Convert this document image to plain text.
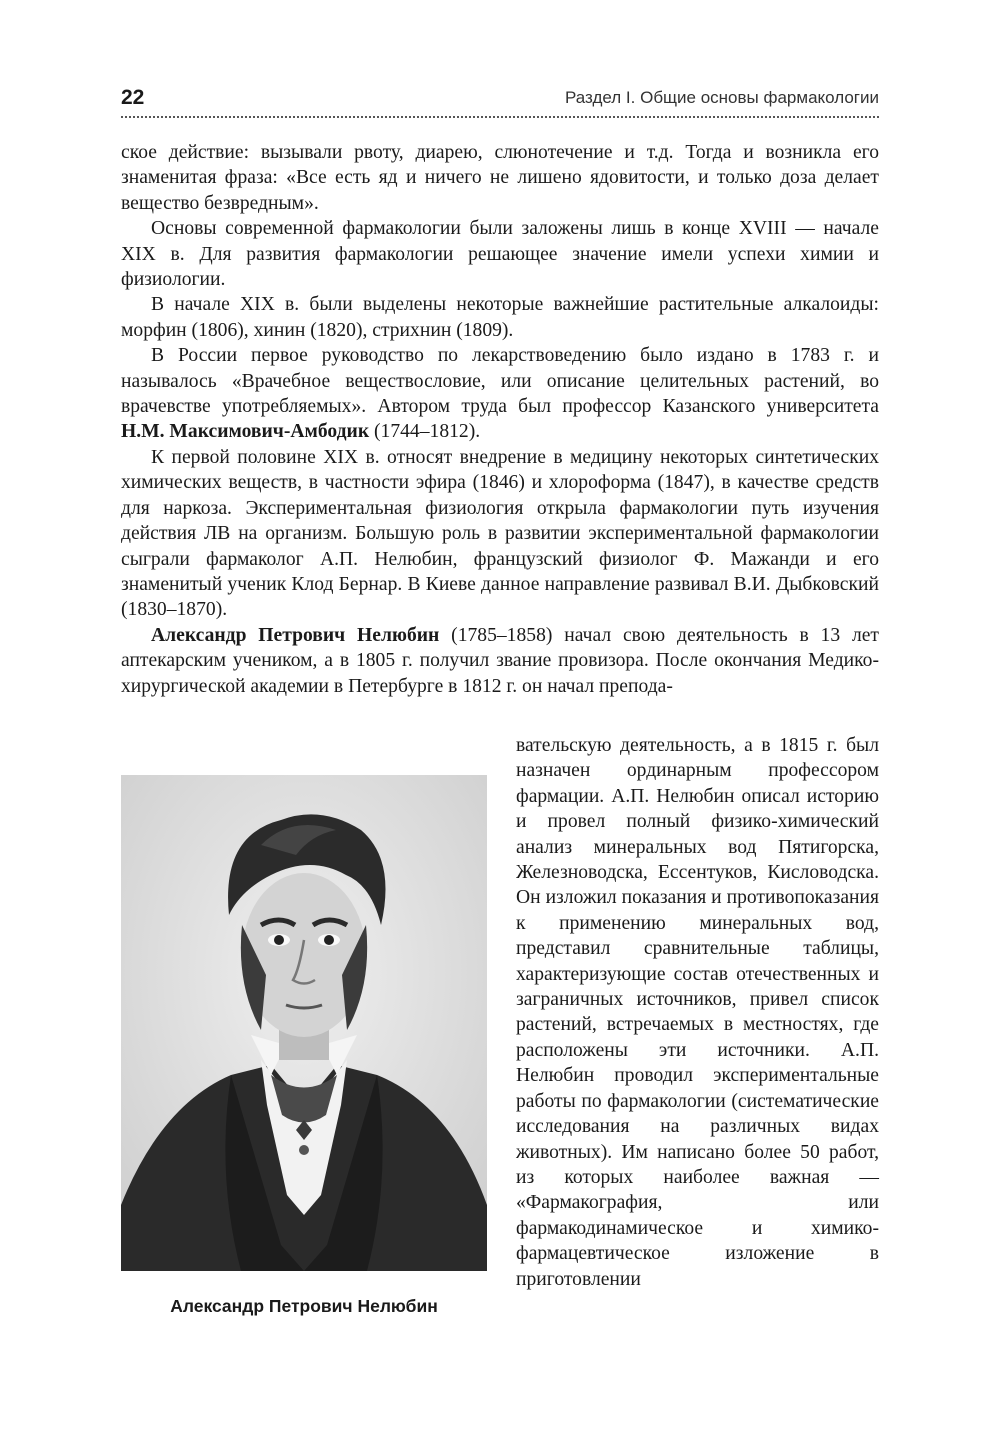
22	Раздел I. Общие основы фармакологии

ское действие: вызывали рвоту, диарею, слюнотечение и т.д. Тогда и возникла его знаменитая фраза: «Все есть яд и ничего не лишено ядовитости, и только доза делает вещество безвредным».

Основы современной фармакологии были заложены лишь в конце XVIII — начале XIX в. Для развития фармакологии решающее значение имели успехи химии и физиологии.

В начале XIX в. были выделены некоторые важнейшие растительные алкалоиды: морфин (1806), хинин (1820), стрихнин (1809).

В России первое руководство по лекарствоведению было издано в 1783 г. и называлось «Врачебное веществословие, или описание целительных растений, во врачевстве употребляемых». Автором труда был профессор Казанского университета Н.М. Максимович-Амбодик (1744–1812).

К первой половине XIX в. относят внедрение в медицину некоторых синтетических химических веществ, в частности эфира (1846) и хлороформа (1847), в качестве средств для наркоза. Экспериментальная физиология открыла фармакологии путь изучения действия ЛВ на организм. Большую роль в развитии экспериментальной фармакологии сыграли фармаколог А.П. Нелюбин, французский физиолог Ф. Мажанди и его знаменитый ученик Клод Бернар. В Киеве данное направление развивал В.И. Дыбковский (1830–1870).

Александр Петрович Нелюбин (1785–1858) начал свою деятельность в 13 лет аптекарским учеником, а в 1805 г. получил звание провизора. После окончания Медико-хирургической академии в Петербурге в 1812 г. он начал препода-

Александр Петрович Нелюбин

вательскую деятельность, а в 1815 г. был назначен ординарным профессором фармации. А.П. Нелюбин описал историю и провел полный физико-химический анализ минеральных вод Пятигорска, Железноводска, Ессентуков, Кисловодска. Он изложил показания и противопоказания к применению минеральных вод, представил сравнительные таблицы, характеризующие состав отечественных и заграничных источников, привел список растений, встречаемых в местностях, где расположены эти источники. А.П. Нелюбин проводил экспериментальные работы по фармакологии (систематические исследования на различных видах животных). Им написано более 50 работ, из которых наиболее важная — «Фармакография, или фармакодинамическое и химико-фармацевтическое изложение в приготовлении
